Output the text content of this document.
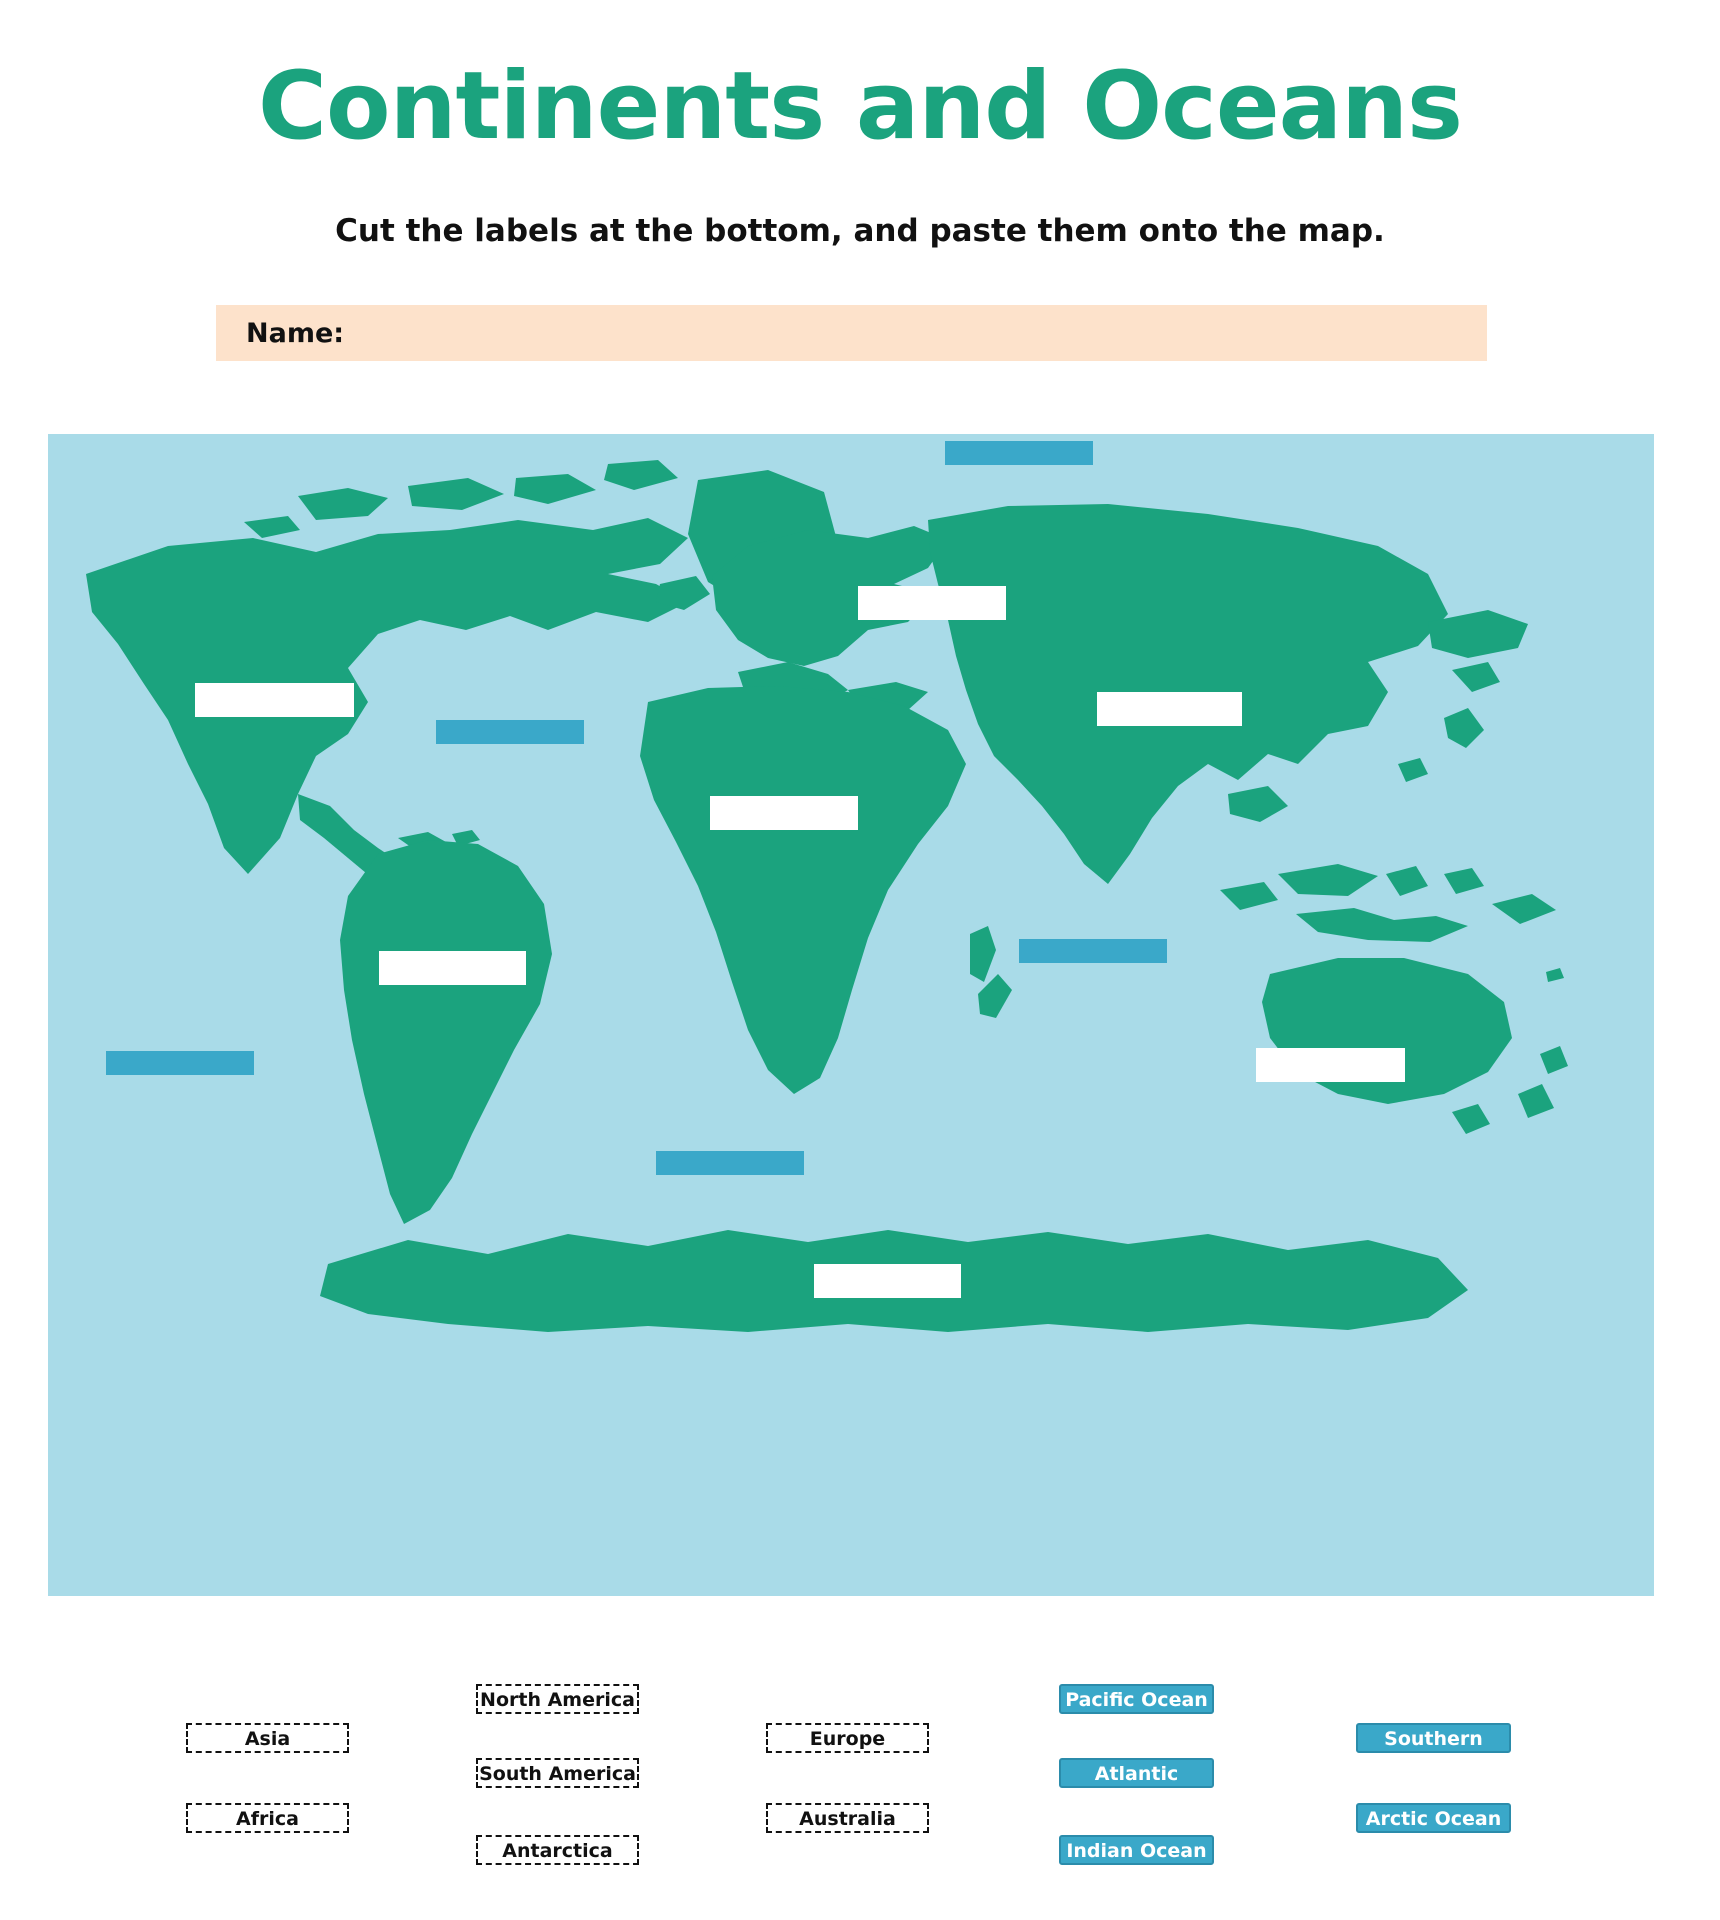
Continents and Oceans
Cut the labels at the bottom, and paste them onto the map.
Name:
Asia
Africa
North America
South America
Antarctica
Europe
Australia
Pacific Ocean
Atlantic Ocean
Indian Ocean
Southern Ocean
Arctic Ocean
